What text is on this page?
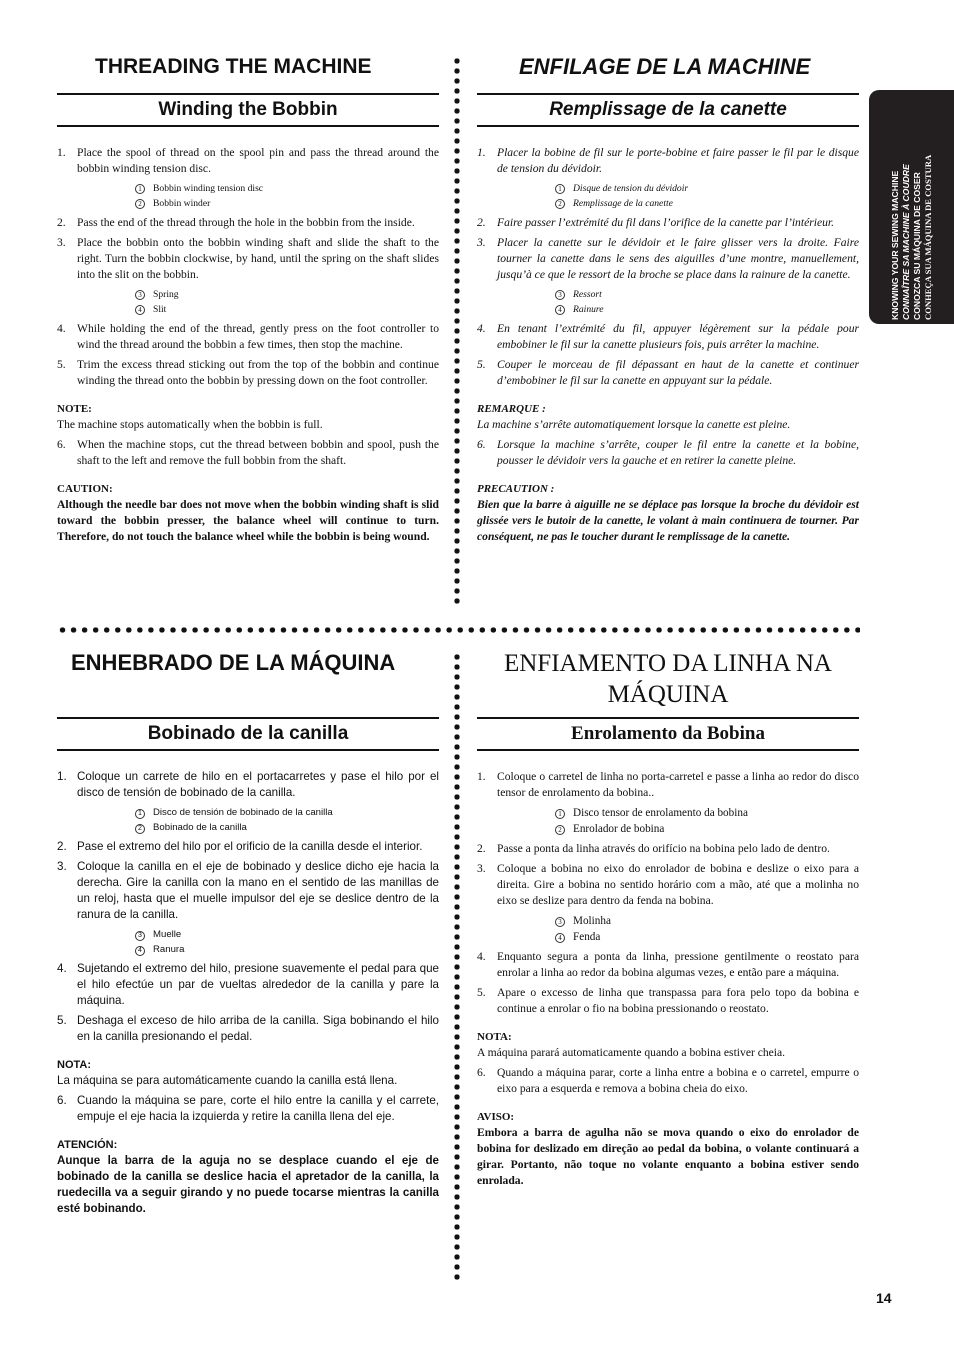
THREADING THE MACHINE
Winding the Bobbin
1. Place the spool of thread on the spool pin and pass the thread around the bobbin winding tension disc.
1 Bobbin winding tension disc
2 Bobbin winder
2. Pass the end of the thread through the hole in the bobbin from the inside.
3. Place the bobbin onto the bobbin winding shaft and slide the shaft to the right. Turn the bobbin clockwise, by hand, until the spring on the shaft slides into the slit on the bobbin.
3 Spring
4 Slit
4. While holding the end of the thread, gently press on the foot controller to wind the thread around the bobbin a few times, then stop the machine.
5. Trim the excess thread sticking out from the top of the bobbin and continue winding the thread onto the bobbin by pressing down on the foot controller.
NOTE:
The machine stops automatically when the bobbin is full.
6. When the machine stops, cut the thread between bobbin and spool, push the shaft to the left and remove the full bobbin from the shaft.
CAUTION:
Although the needle bar does not move when the bobbin winding shaft is slid toward the bobbin presser, the balance wheel will continue to turn. Therefore, do not touch the balance wheel while the bobbin is being wound.
ENFILAGE DE LA MACHINE
Remplissage de la canette
1. Placer la bobine de fil sur le porte-bobine et faire passer le fil par le disque de tension du dévidoir.
1 Disque de tension du dévidoir
2 Remplissage de la canette
2. Faire passer l’extrémité du fil dans l’orifice de la canette par l’intérieur.
3. Placer la canette sur le dévidoir et le faire glisser vers la droite. Faire tourner la canette dans le sens des aiguilles d’une montre, manuellement, jusqu’à ce que le ressort de la broche se place dans la rainure de la canette.
3 Ressort
4 Rainure
4. En tenant l’extrémité du fil, appuyer légèrement sur la pédale pour embobiner le fil sur la canette plusieurs fois, puis arrêter la machine.
5. Couper le morceau de fil dépassant en haut de la canette et continuer d’embobiner le fil sur la canette en appuyant sur la pédale.
REMARQUE :
La machine s’arrête automatiquement lorsque la canette est pleine.
6. Lorsque la machine s’arrête, couper le fil entre la canette et la bobine, pousser le dévidoir vers la gauche et en retirer la canette pleine.
PRECAUTION :
Bien que la barre à aiguille ne se déplace pas lorsque la broche du dévidoir est glissée vers le butoir de la canette, le volant à main continuera de tourner. Par conséquent, ne pas le toucher durant le remplissage de la canette.
ENHEBRADO DE LA MÁQUINA
Bobinado de la canilla
1. Coloque un carrete de hilo en el portacarretes y pase el hilo por el disco de tensión de bobinado de la canilla.
1 Disco de tensión de bobinado de la canilla
2 Bobinado de la canilla
2. Pase el extremo del hilo por el orificio de la canilla desde el interior.
3. Coloque la canilla en el eje de bobinado y deslice dicho eje hacia la derecha. Gire la canilla con la mano en el sentido de las manillas de un reloj, hasta que el muelle impulsor del eje se deslice dentro de la ranura de la canilla.
3 Muelle
4 Ranura
4. Sujetando el extremo del hilo, presione suavemente el pedal para que el hilo efectúe un par de vueltas alrededor de la canilla y pare la máquina.
5. Deshaga el exceso de hilo arriba de la canilla. Siga bobinando el hilo en la canilla presionando el pedal.
NOTA:
La máquina se para automáticamente cuando la canilla está llena.
6. Cuando la máquina se pare, corte el hilo entre la canilla y el carrete, empuje el eje hacia la izquierda y retire la canilla llena del eje.
ATENCIÓN:
Aunque la barra de la aguja no se desplace cuando el eje de bobinado de la canilla se deslice hacia el apretador de la canilla, la ruedecilla va a seguir girando y no puede tocarse mientras la canilla esté bobinando.
ENFIAMENTO DA LINHA NA MÁQUINA
Enrolamento da Bobina
1. Coloque o carretel de linha no porta-carretel e passe a linha ao redor do disco tensor de enrolamento da bobina..
1 Disco tensor de enrolamento da bobina
2 Enrolador de bobina
2. Passe a ponta da linha através do orifício na bobina pelo lado de dentro.
3. Coloque a bobina no eixo do enrolador de bobina e deslize o eixo para a direita. Gire a bobina no sentido horário com a mão, até que a molinha no eixo se deslize para dentro da fenda na bobina.
3 Molinha
4 Fenda
4. Enquanto segura a ponta da linha, pressione gentilmente o reostato para enrolar a linha ao redor da bobina algumas vezes, e então pare a máquina.
5. Apare o excesso de linha que transpassa para fora pelo topo da bobina e continue a enrolar o fio na bobina pressionando o reostato.
NOTA:
A máquina parará automaticamente quando a bobina estiver cheia.
6. Quando a máquina parar, corte a linha entre a bobina e o carretel, empurre o eixo para a esquerda e remova a bobina cheia do eixo.
AVISO:
Embora a barra de agulha não se mova quando o eixo do enrolador de bobina for deslizado em direção ao pedal da bobina, o volante continuará a girar. Portanto, não toque no volante enquanto a bobina estiver sendo enrolada.
KNOWING YOUR SEWING MACHINE CONNAÎTRE SA MACHINE À COUDRE CONOZCA SU MÁQUINA DE COSER CONHEÇA SUA MÁQUINA DE COSTURA
14
